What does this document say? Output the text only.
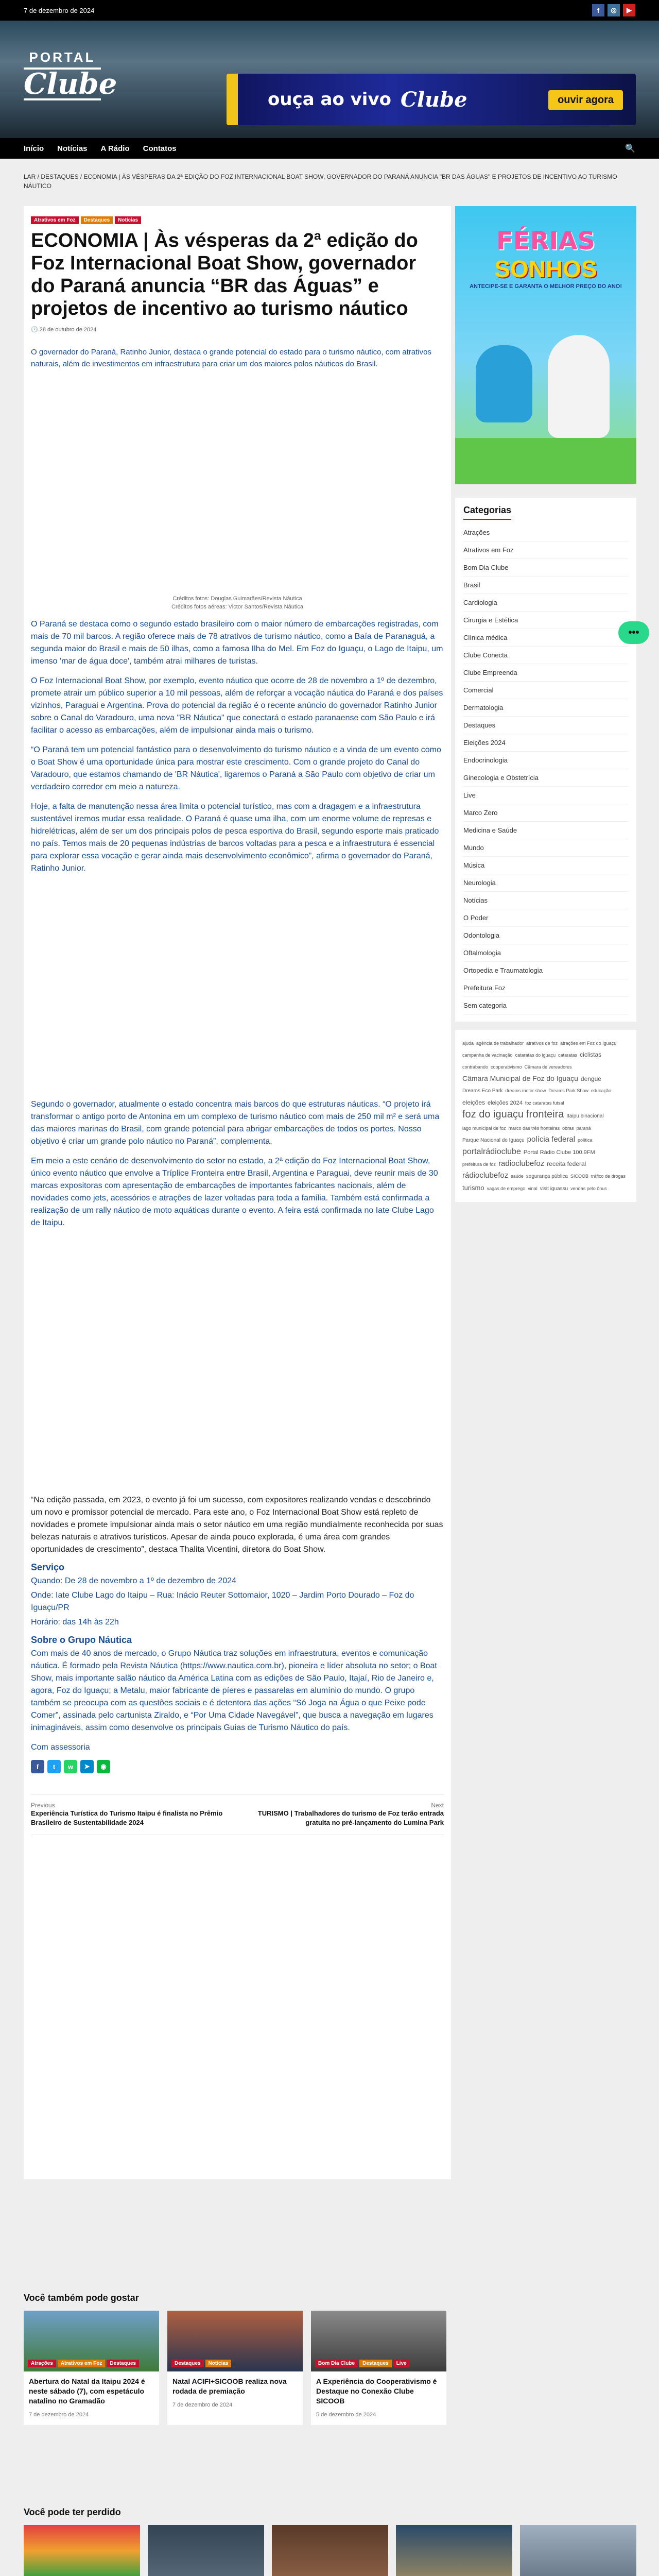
7 de dezembro de 2024	f	◎	▶
PORTAL
Clube	ouça ao vivo Clube	ouvir agora
Início Notícias A Rádio Contatos	🔍
LAR / DESTAQUES / ECONOMIA | ÀS VÉSPERAS DA 2ª EDIÇÃO DO FOZ INTERNACIONAL BOAT SHOW, GOVERNADOR DO PARANÁ ANUNCIA "BR DAS ÁGUAS" E PROJETOS DE INCENTIVO AO TURISMO NÁUTICO
Atrativos em Foz	Destaques	Notícias
ECONOMIA | Às vésperas da 2ª edição do Foz Internacional Boat Show, governador do Paraná anuncia “BR das Águas” e projetos de incentivo ao turismo náutico
🕑 28 de outubro de 2024

O governador do Paraná, Ratinho Junior, destaca o grande potencial do estado para o turismo náutico, com atrativos naturais, além de investimentos em infraestrutura para criar um dos maiores polos náuticos do Brasil.

Créditos fotos: Douglas Guimarães/Revista Náutica
Créditos fotos aéreas: Victor Santos/Revista Náutica

O Paraná se destaca como o segundo estado brasileiro com o maior número de embarcações registradas, com mais de 70 mil barcos. A região oferece mais de 78 atrativos de turismo náutico, como a Baía de Paranaguá, a segunda maior do Brasil e mais de 50 ilhas, como a famosa Ilha do Mel. Em Foz do Iguaçu, o Lago de Itaipu, um imenso 'mar de água doce', também atrai milhares de turistas.

O Foz Internacional Boat Show, por exemplo, evento náutico que ocorre de 28 de novembro a 1º de dezembro, promete atrair um público superior a 10 mil pessoas, além de reforçar a vocação náutica do Paraná e dos países vizinhos, Paraguai e Argentina. Prova do potencial da região é o recente anúncio do governador Ratinho Junior sobre o Canal do Varadouro, uma nova "BR Náutica" que conectará o estado paranaense com São Paulo e irá facilitar o acesso as embarcações, além de impulsionar ainda mais o turismo.

“O Paraná tem um potencial fantástico para o desenvolvimento do turismo náutico e a vinda de um evento como o Boat Show é uma oportunidade única para mostrar este crescimento. Com o grande projeto do Canal do Varadouro, que estamos chamando de 'BR Náutica', ligaremos o Paraná a São Paulo com objetivo de criar um verdadeiro corredor em meio a natureza.

Hoje, a falta de manutenção nessa área limita o potencial turístico, mas com a dragagem e a infraestrutura sustentável iremos mudar essa realidade. O Paraná é quase uma ilha, com um enorme volume de represas e hidrelétricas, além de ser um dos principais polos de pesca esportiva do Brasil, segundo esporte mais praticado no país. Temos mais de 20 pequenas indústrias de barcos voltadas para a pesca e a infraestrutura é essencial para explorar essa vocação e gerar ainda mais desenvolvimento econômico”, afirma o governador do Paraná, Ratinho Junior.

Segundo o governador, atualmente o estado concentra mais barcos do que estruturas náuticas. “O projeto irá transformar o antigo porto de Antonina em um complexo de turismo náutico com mais de 250 mil m² e será uma das maiores marinas do Brasil, com grande potencial para abrigar embarcações de todos os portes. Nosso objetivo é criar um grande polo náutico no Paraná”, complementa.

Em meio a este cenário de desenvolvimento do setor no estado, a 2ª edição do Foz Internacional Boat Show, único evento náutico que envolve a Tríplice Fronteira entre Brasil, Argentina e Paraguai, deve reunir mais de 30 marcas expositoras com apresentação de embarcações de importantes fabricantes nacionais, além de novidades como jets, acessórios e atrações de lazer voltadas para toda a família. Também está confirmada a realização de um rally náutico de moto aquáticas durante o evento. A feira está confirmada no Iate Clube Lago de Itaipu.

“Na edição passada, em 2023, o evento já foi um sucesso, com expositores realizando vendas e descobrindo um novo e promissor potencial de mercado. Para este ano, o Foz Internacional Boat Show está repleto de novidades e promete impulsionar ainda mais o setor náutico em uma região mundialmente reconhecida por suas belezas naturais e atrativos turísticos. Apesar de ainda pouco explorada, é uma área com grandes oportunidades de crescimento”, destaca Thalita Vicentini, diretora do Boat Show.

Serviço

Quando: De 28 de novembro a 1º de dezembro de 2024

Onde: Iate Clube Lago do Itaipu – Rua: Inácio Reuter Sottomaior, 1020 – Jardim Porto Dourado – Foz do Iguaçu/PR

Horário: das 14h às 22h

Sobre o Grupo Náutica

Com mais de 40 anos de mercado, o Grupo Náutica traz soluções em infraestrutura, eventos e comunicação náutica. É formado pela Revista Náutica (https://www.nautica.com.br), pioneira e líder absoluta no setor; o Boat Show, mais importante salão náutico da América Latina com as edições de São Paulo, Itajaí, Rio de Janeiro e, agora, Foz do Iguaçu; a Metalu, maior fabricante de píeres e passarelas em alumínio do mundo. O grupo também se preocupa com as questões sociais e é detentora das ações “Só Joga na Água o que Peixe pode Comer”, assinada pelo cartunista Ziraldo, e “Por Uma Cidade Navegável”, que busca a navegação em lugares inimagináveis, assim como desenvolve os principais Guias de Turismo Náutico do país.

Com assessoria

f	t	w	➤	◉
Previous
Experiência Turística do Turismo Itaipu é finalista no Prêmio Brasileiro de Sustentabilidade 2024
Next
TURISMO | Trabalhadores do turismo de Foz terão entrada gratuita no pré-lançamento do Lumina Park
FÉRIAS
SONHOS
ANTECIPE-SE E GARANTA O MELHOR PREÇO DO ANO!
Categorias
Atrações
Atrativos em Foz
Bom Dia Clube
Brasil
Cardiologia
Cirurgia e Estética
Clínica médica
Clube Conecta
Clube Empreenda
Comercial
Dermatologia
Destaques
Eleições 2024
Endocrinologia
Ginecologia e Obstetrícia
Live
Marco Zero
Medicina e Saúde
Mundo
Música
Neurologia
Notícias
O Poder
Odontologia
Oftalmologia
Ortopedia e Traumatologia
Prefeitura Foz
Sem categoria
ajuda agência de trabalhador atrativos de foz atrações em Foz do Iguaçucampanha de vacinação cataratas do iguaçu cataratas ciclistascontrabando cooperativismo Câmara de vereadoresCâmara Municipal de Foz do Iguaçu dengueDreams Eco Park dreams motor show Dreams Park Show educaçãoeleições eleições 2024 foz cataratas futsalfoz do iguaçu fronteira Itaipu binacionallago municipal de foz marco das três fronteiras obras paranáParque Nacional do Iguaçu polícia federal políticaportalrádioclube Portal Rádio Clube 100.9FMprefeitura de foz radioclubefoz receita federalrádioclubefoz saúde segurança pública SICOOB tráfico de drogasturismo vagas de emprego vinal visit iguassu vendas pelo ônus
•••
Você também pode gostar
Atrações	Atrativos em Foz	Destaques
Abertura do Natal da Itaipu 2024 é neste sábado (7), com espetáculo natalino no Gramadão
7 de dezembro de 2024
Destaques	Notícias
Natal ACIFI+SICOOB realiza nova rodada de premiação
7 de dezembro de 2024
Bom Dia Clube	Destaques	Live
A Experiência do Cooperativismo é Destaque no Conexão Clube SICOOB
5 de dezembro de 2024
Você pode ter perdido
